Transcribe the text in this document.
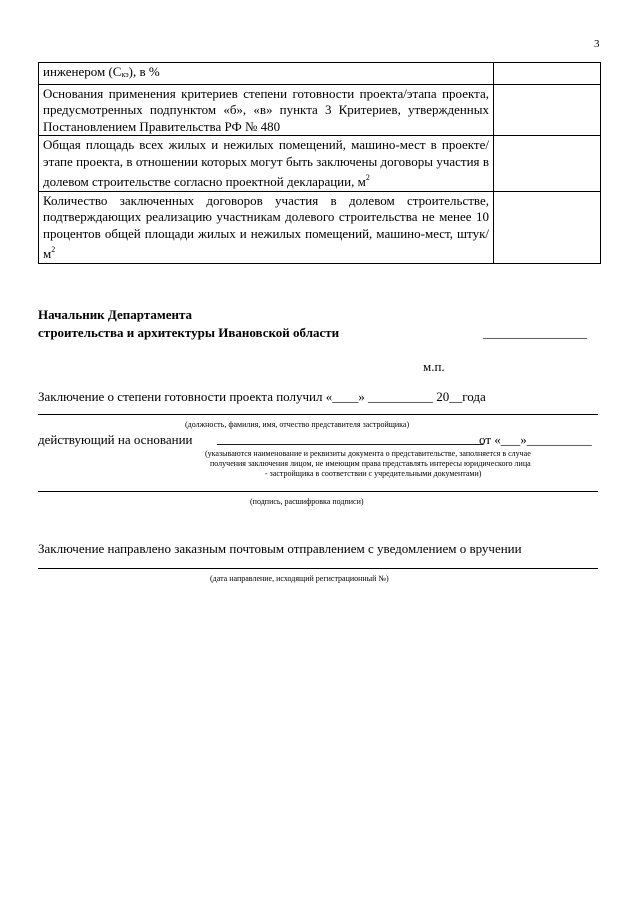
3
инженером (Скэ), в %	
Основания применения критериев степени готовности проекта/этапа проекта, предусмотренных подпунктом «б», «в» пункта 3 Критериев, утвержденных Постановлением Правительства РФ № 480	
Общая площадь всех жилых и нежилых помещений, машино-мест в проекте/этапе проекта, в отношении которых могут быть заключены договоры участия в долевом строительстве согласно проектной декларации, $м^2$	
Количество заключенных договоров участия в долевом строительстве, подтверждающих реализацию участникам долевого строительства не менее 10 процентов общей площади жилых и нежилых помещений, машино-мест, штук/$м^2$	
Начальник Департамента
строительства и архитектуры Ивановской области	________________
м.п.
Заключение о степени готовности проекта получил «____» __________ 20__года
(должность, фамилия, имя, отчество представителя застройщика)
действующий на основании _________________________________________
от «___»__________
(указываются наименование и реквизиты документа о представительстве, заполняется в случае
получения заключения лицом, не имеющим права представлять интересы юридического лица
- застройщика в соответствии с учредительными документами)
(подпись, расшифровка подписи)
Заключение направлено заказным почтовым отправлением с уведомлением о вручении
(дата направление, исходящий регистрационный №)
